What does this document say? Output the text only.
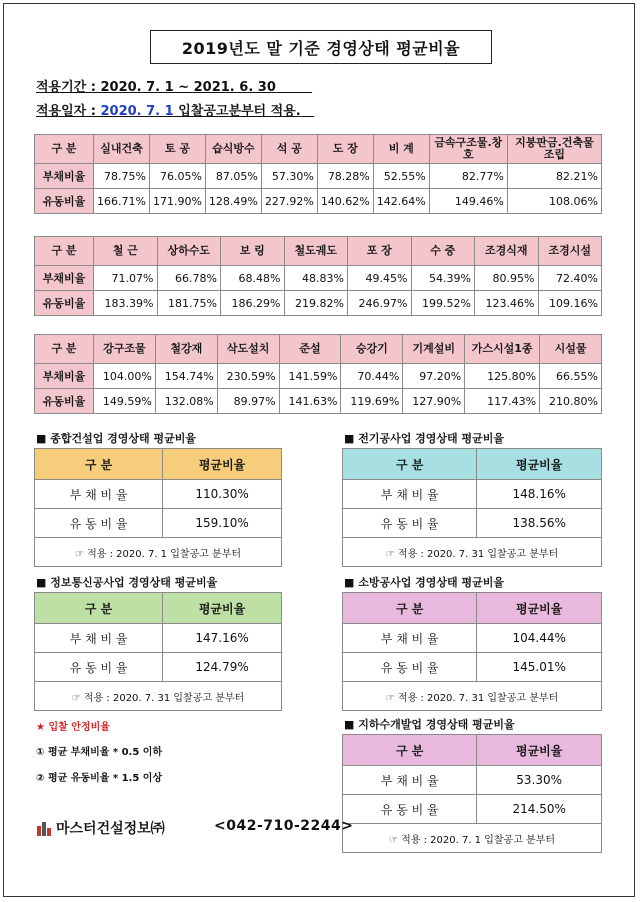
2019년도 말 기준 경영상태 평균비율
적용기간 : 2020. 7. 1 ~ 2021. 6. 30
적용일자 : 2020. 7. 1 입찰공고분부터 적용.
구 분	실내건축	토 공	습식방수	석 공	도 장	비 계	금속구조물.창호	지붕판금.건축물조립
부채비율	78.75%	76.05%	87.05%	57.30%	78.28%	52.55%	82.77%	82.21%
유동비율	166.71%	171.90%	128.49%	227.92%	140.62%	142.64%	149.46%	108.06%
구 분	철 근	상하수도	보 링	철도궤도	포 장	수 중	조경식재	조경시설
부채비율	71.07%	66.78%	68.48%	48.83%	49.45%	54.39%	80.95%	72.40%
유동비율	183.39%	181.75%	186.29%	219.82%	246.97%	199.52%	123.46%	109.16%
구 분	강구조물	철강재	삭도설치	준설	승강기	기계설비	가스시설1종	시설물
부채비율	104.00%	154.74%	230.59%	141.59%	70.44%	97.20%	125.80%	66.55%
유동비율	149.59%	132.08%	89.97%	141.63%	119.69%	127.90%	117.43%	210.80%
■ 종합건설업 경영상태 평균비율
구 분	평균비율
부 채 비 율	110.30%
유 동 비 율	159.10%
☞ 적용 : 2020. 7. 1 입찰공고 분부터	
■ 전기공사업 경영상태 평균비율
구 분	평균비율
부 채 비 율	148.16%
유 동 비 율	138.56%
☞ 적용 : 2020. 7. 31 입찰공고 분부터	
■ 정보통신공사업 경영상태 평균비율
구 분	평균비율
부 채 비 율	147.16%
유 동 비 율	124.79%
☞ 적용 : 2020. 7. 31 입찰공고 분부터	
■ 소방공사업 경영상태 평균비율
구 분	평균비율
부 채 비 율	104.44%
유 동 비 율	145.01%
☞ 적용 : 2020. 7. 31 입찰공고 분부터	
★ 입찰 안정비율
① 평균 부채비율 * 0.5 이하
② 평균 유동비율 * 1.5 이상
■ 지하수개발업 경영상태 평균비율
구 분	평균비율
부 채 비 율	53.30%
유 동 비 율	214.50%
☞ 적용 : 2020. 7. 1 입찰공고 분부터	
마스터건설정보㈜	<042-710-2244>
